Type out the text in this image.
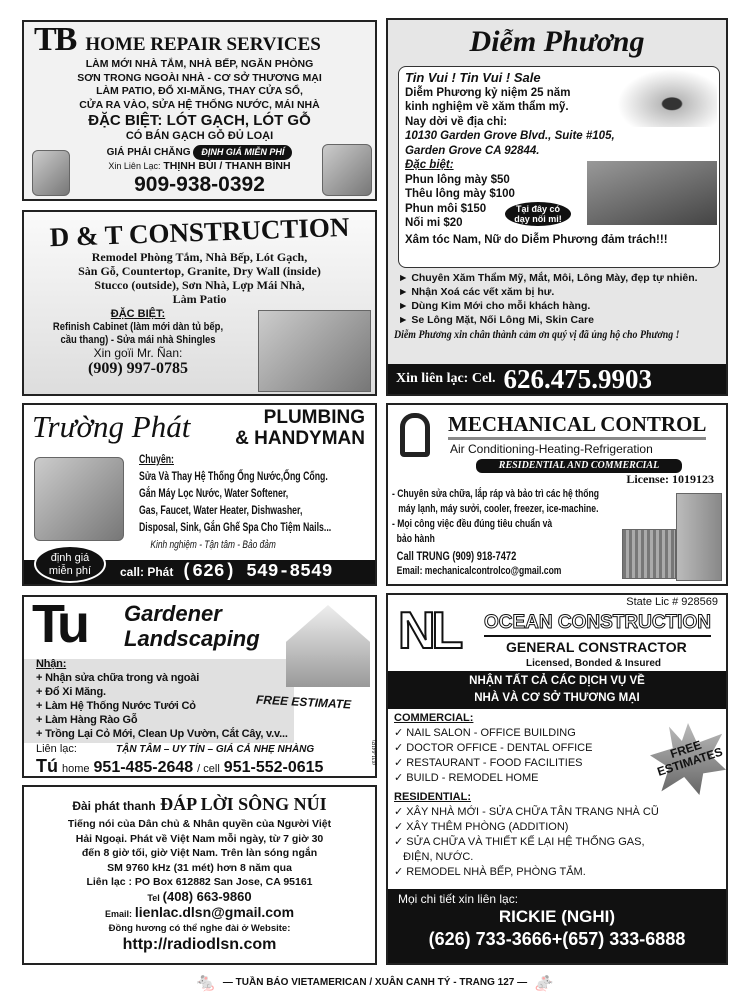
TB HOME REPAIR SERVICES
LÀM MỚI NHÀ TẮM, NHÀ BẾP, NGĂN PHÒNG
SƠN TRONG NGOÀI NHÀ - CƠ SỞ THƯƠNG MẠI
LÀM PATIO, ĐỔ XI-MĂNG, THAY CỬA SỔ,
CỬA RA VÀO, SỬA HỆ THỐNG NƯỚC, MÁI NHÀ
ĐẶC BIỆT: LÓT GẠCH, LÓT GỖ
CÓ BÁN GẠCH GỖ ĐỦ LOẠI
GIÁ PHẢI CHĂNG ĐỊNH GIÁ MIỄN PHÍ
Xin Liên Lạc: THỊNH BÙI / THANH BÌNH
909-938-0392
D & T CONSTRUCTION
Remodel Phòng Tắm, Nhà Bếp, Lót Gạch,
Sàn Gỗ, Countertop, Granite, Dry Wall (inside)
Stucco (outside), Sơn Nhà, Lợp Mái Nhà,
Làm Patio
ĐẶC BIỆT:
Refinish Cabinet (làm mới dàn tủ bếp,
cầu thang) - Sửa mái nhà Shingles
Xin goïi Mr. Ñan:
(909) 997-0785
Diễm Phương
Tin Vui ! Tin Vui ! Sale
Diễm Phương kỷ niệm 25 năm
kinh nghiệm về xăm thẩm mỹ.
Nay dời về địa chỉ:
10130 Garden Grove Blvd., Suite #105,
Garden Grove CA 92844.
Đặc biệt:
Phun lông mày $50
Thêu lông mày $100
Phun môi $150
Nối mi $20
Xâm tóc Nam, Nữ do Diễm Phương đảm trách!!!
Tại đây có dạy nối mi!
► Chuyên Xăm Thẩm Mỹ, Mắt, Môi, Lông Mày, đẹp tự nhiên.
► Nhận Xoá các vết xăm bị hư.
► Dùng Kim Mới cho mỗi khách hàng.
► Se Lông Mặt, Nối Lông Mi, Skin Care
Diễm Phương xin chân thành cảm ơn quý vị đã ủng hộ cho Phương !
Xin liên lạc: Cel. 626.475.9903
Trường Phát	PLUMBING
& HANDYMAN
Chuyên:
Sửa Và Thay Hệ Thống Ống Nước,Ống Cống.
Gắn Máy Lọc Nước, Water Softener,
Gas, Faucet, Water Heater, Dishwasher,
Disposal, Sink, Gắn Ghế Spa Cho Tiệm Nails...
Kinh nghiệm - Tận tâm - Bảo đảm
call: Phát (626) 549-8549
định giá
miễn phí
MECHANICAL CONTROL
Air Conditioning-Heating-Refrigeration
RESIDENTIAL AND COMMERCIAL
License: 1019123
- Chuyên sửa chữa, lắp ráp và bảo trì các hệ thống
máy lạnh, máy sưởi, cooler, freezer, ice-machine.
- Mọi công việc đều đúng tiêu chuẩn và
bảo hành
Call TRUNG (909) 918-7472
Email: mechanicalcontrolco@gmail.com
Tu Gardener
Landscaping
Nhận:
+ Nhận sửa chữa trong và ngoài
+ Đổ Xi Măng.
+ Làm Hệ Thống Nước Tưới Cỏ
+ Làm Hàng Rào Gỗ
+ Trồng Lại Cỏ Mới, Clean Up Vườn, Cắt Cây, v.v...
FREE ESTIMATE
Liên lạc:	TẬN TÂM – UY TÍN – GIÁ CẢ NHẸ NHÀNG
Tú home 951-485-2648 / cell 951-552-0615
(631-641P)
Đài phát thanh ĐÁP LỜI SÔNG NÚI
Tiếng nói của Dân chủ & Nhân quyền của Người Việt
Hải Ngoại. Phát về Việt Nam mỗi ngày, từ 7 giờ 30
đến 8 giờ tối, giờ Việt Nam. Trên làn sóng ngắn
SM 9760 kHz (31 mét) hơn 8 năm qua
Liên lạc : PO Box 612882 San Jose, CA 95161
Tel (408) 663-9860
Email: lienlac.dlsn@gmail.com
Đồng hương có thể nghe đài ở Website:
http://radiodlsn.com
State Lic # 928569
NL OCEAN CONSTRUCTION
GENERAL CONSTRACTOR
Licensed, Bonded & Insured
NHẬN TẤT CẢ CÁC DỊCH VỤ VỀ
NHÀ VÀ CƠ SỞ THƯƠNG MẠI
FREE ESTIMATES
COMMERCIAL:
✓ NAIL SALON - OFFICE BUILDING
✓ DOCTOR OFFICE - DENTAL OFFICE
✓ RESTAURANT - FOOD FACILITIES
✓ BUILD - REMODEL HOME
RESIDENTIAL:
✓ XÂY NHÀ MỚI - SỬA CHỮA TÂN TRANG NHÀ CŨ
✓ XÂY THÊM PHÒNG (ADDITION)
✓ SỬA CHỮA VÀ THIẾT KẾ LẠI HỆ THỐNG GAS,
ĐIỆN, NƯỚC.
✓ REMODEL NHÀ BẾP, PHÒNG TẮM.
Mọi chi tiết xin liên lạc:
RICKIE (NGHI)
(626) 733-3666+(657) 333-6888
🐁 — TUẦN BÁO VIETAMERICAN / XUÂN CANH TÝ - TRANG 127 — 🐁
